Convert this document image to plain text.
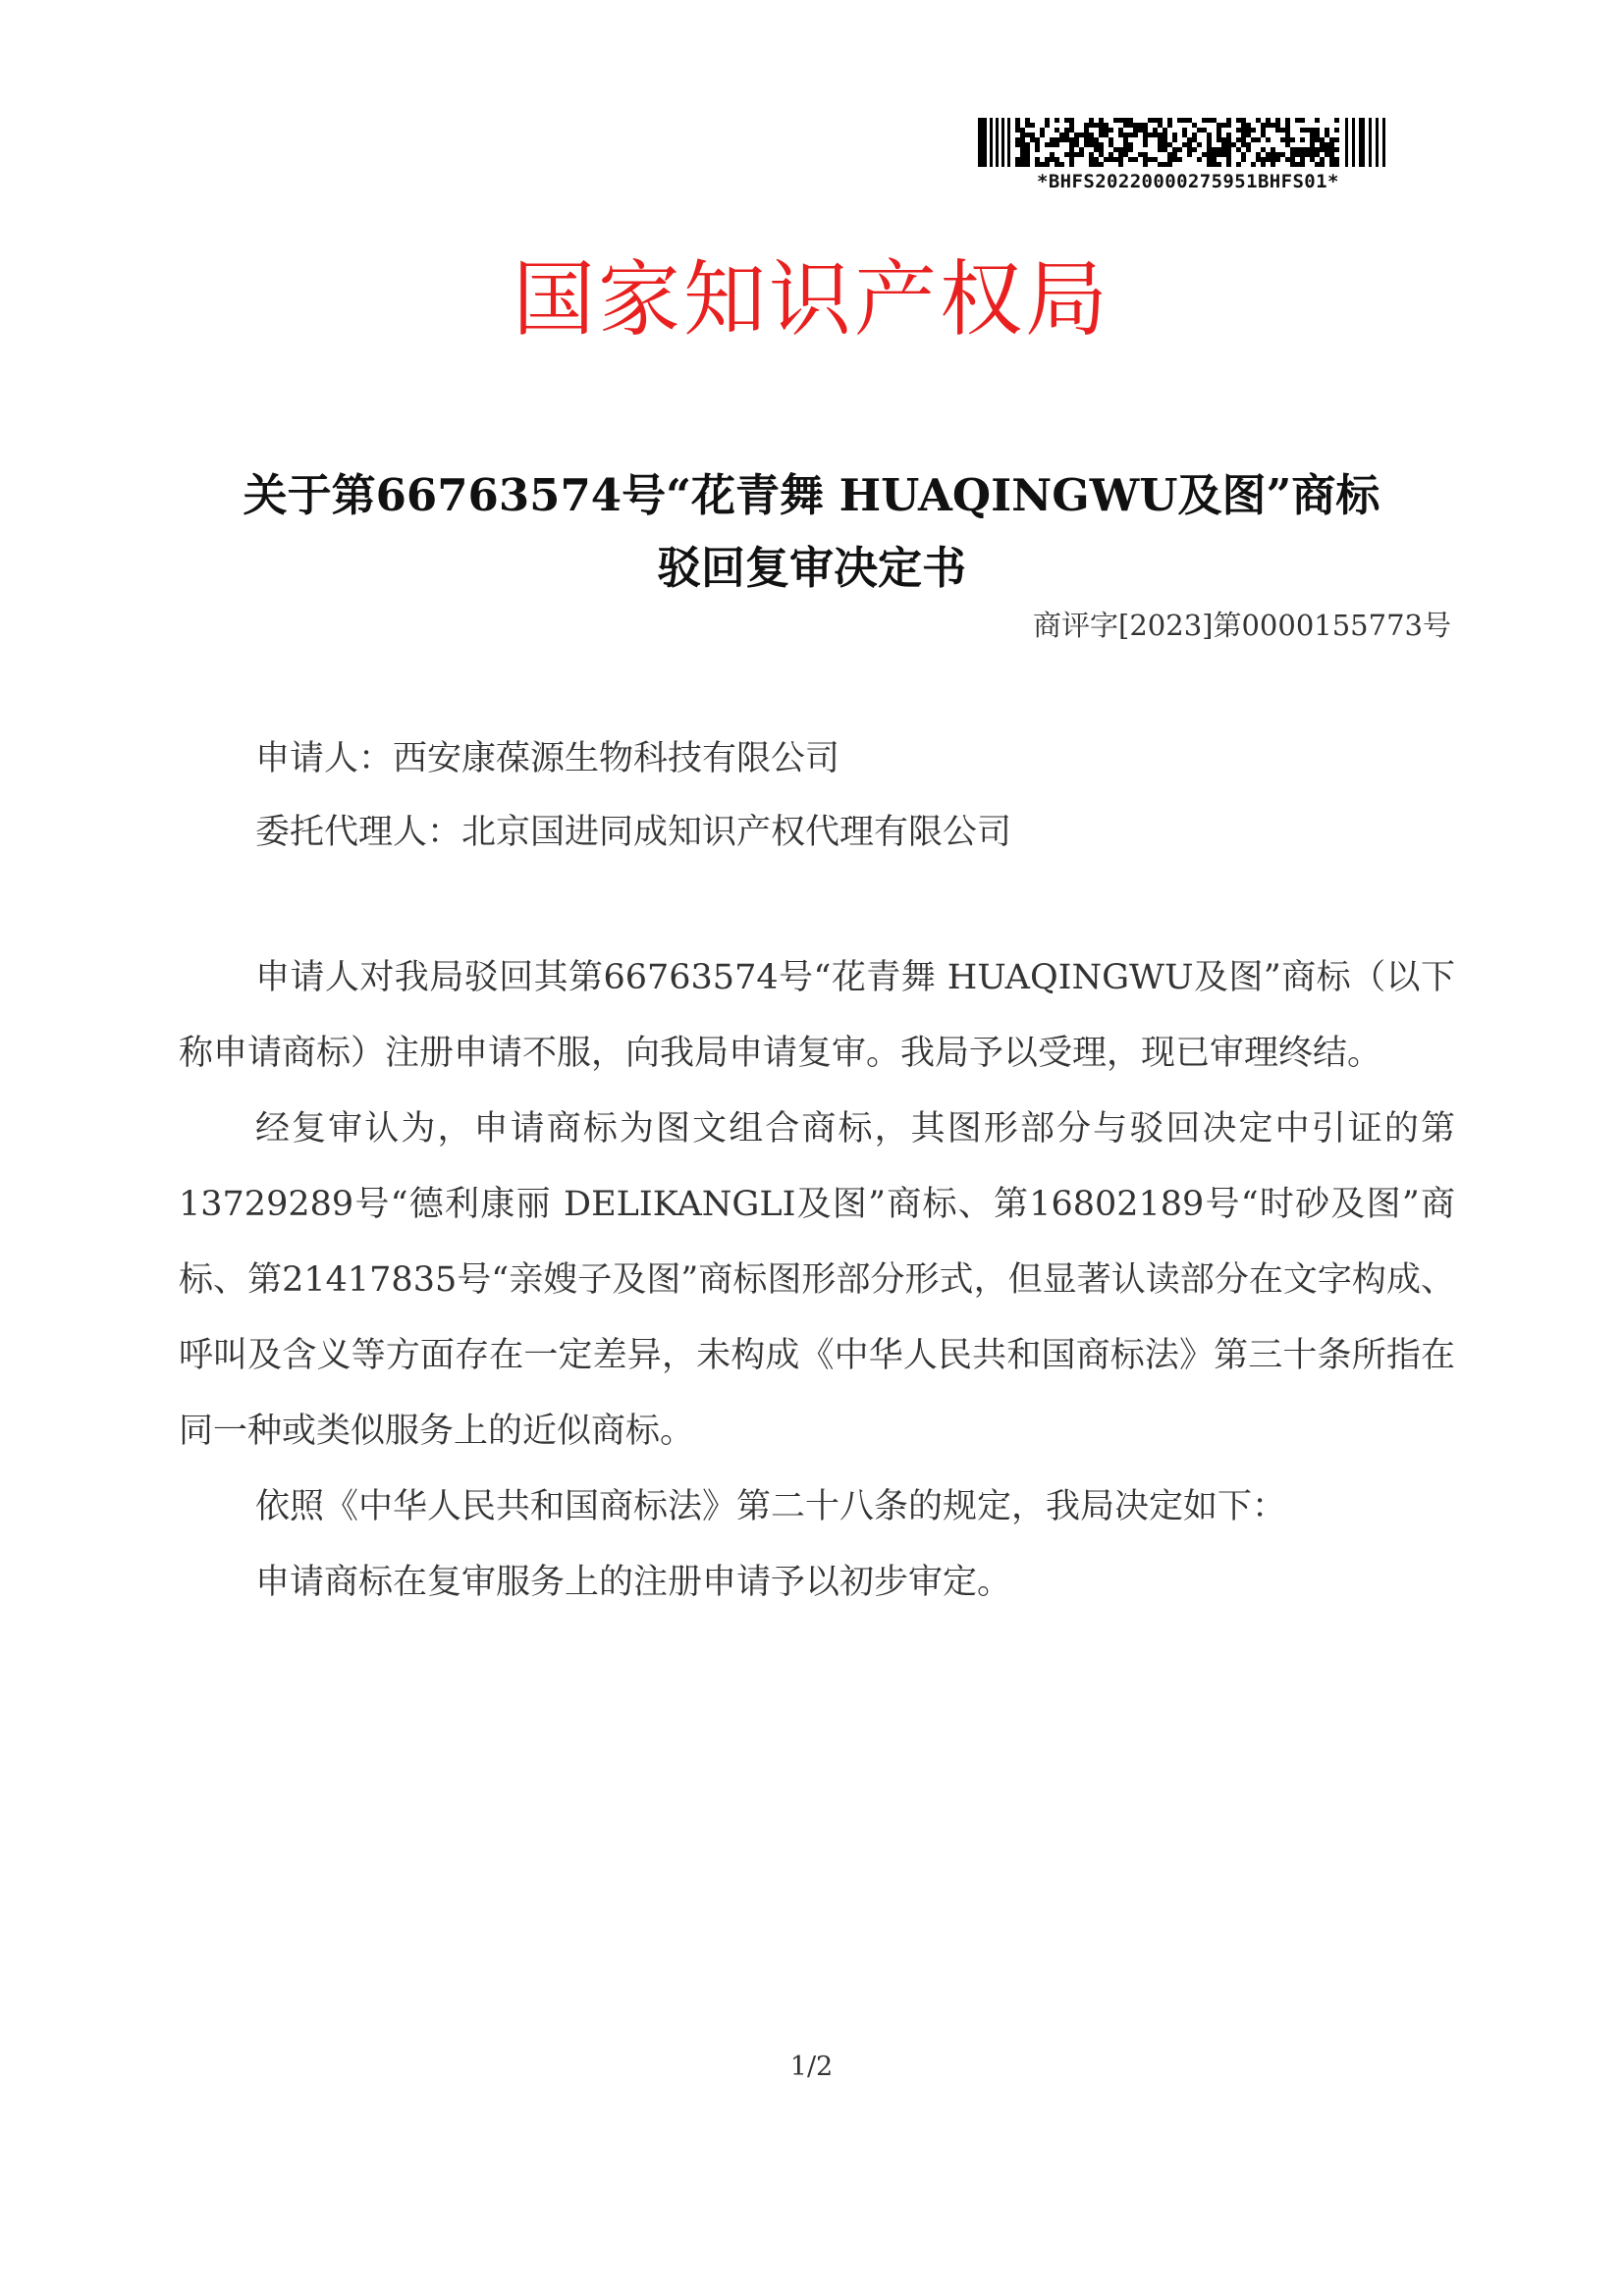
*BHFS20220000275951BHFS01*
国家知识产权局
关于第66763574号“花青舞 HUAQINGWU及图”商标
驳回复审决定书
商评字[2023]第0000155773号
申请人：西安康葆源生物科技有限公司
委托代理人：北京国进同成知识产权代理有限公司

申请人对我局驳回其第66763574号“花青舞 HUAQINGWU及图”商标（以下称申请商标）注册申请不服，向我局申请复审。我局予以受理，现已审理终结。

经复审认为，申请商标为图文组合商标，其图形部分与驳回决定中引证的第13729289号“德利康丽 DELIKANGLI及图”商标、第16802189号“时砂及图”商标、第21417835号“亲嫂子及图”商标图形部分形式，但显著认读部分在文字构成、呼叫及含义等方面存在一定差异，未构成《中华人民共和国商标法》第三十条所指在同一种或类似服务上的近似商标。

依照《中华人民共和国商标法》第二十八条的规定，我局决定如下：

申请商标在复审服务上的注册申请予以初步审定。

1/2
